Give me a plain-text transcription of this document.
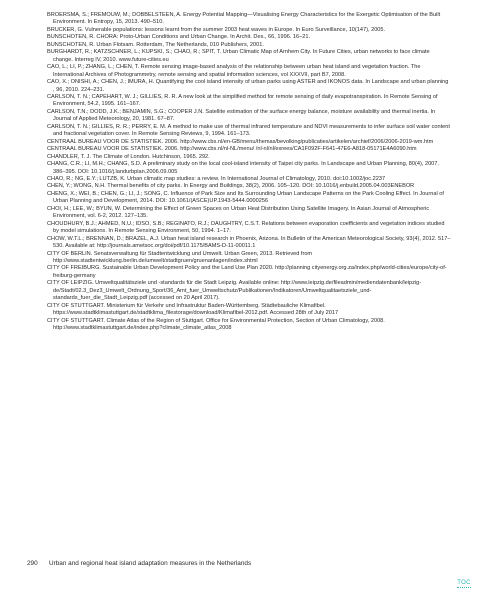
BROERSMA, S.; FREMOUW, M.; DOBBELSTEEN, A. Energy Potential Mapping—Visualising Energy Characteristics for the Exergetic Optimisation of the Built Environment. In Entropy, 15, 2013. 490–510.

BRUCKER, G. Vulnerable populations: lessons learnt from the summer 2003 heat waves in Europe. In Euro Surveillance, 10(147), 2005.

BUNSCHOTEN, R. CHORA: Proto-Urban Conditions and Urban Change. In Archit. Des., 66, 1996. 16–21.

BUNSCHOTEN, R. Urban Flotsam. Rotterdam, The Netherlands, 010 Publishers, 2001.

BURGHARDT, R.; KATZSCHNER, L.; KUPSKI, S.; CHAO, R.; SPIT, T. Urban Climatic Map of Arnhem City. In Future Cities, urban networks to face climate change. Interreg IV, 2010. www.future-cities.eu

CAO, L.; LI, P.; ZHANG, L.; CHEN, T. Remote sensing image-based analysis of the relationship between urban heat island and vegetation fraction. The International Archives of Photogrammetry, remote sensing and spatial information sciences, vol XXXVII, part B7, 2008.

CAO, X.; ONISHI, A.; CHEN, J.; IMURA, H. Quantifying the cool island intensity of urban parks using ASTER and IKONOS data. In Landscape and urban planning , 96, 2010. 224–231.

CARLSON, T. N.; CAPEHART, W. J.; GILLIES, R. R. A new look at the simplified method for remote sensing of daily evapotranspiration. In Remote Sensing of Environment, 54.2, 1995. 161–167.

CARLSON, T.N.; DODD, J.K.; BENJAMIN, S.G.; COOPER J.N. Satellite estimation of the surface energy balance, moisture availability and thermal inertia. In Journal of Applied Meteorology, 20, 1981. 67–87.

CARLSON, T. N.; GILLIES, R. R.; PERRY, E. M. A method to make use of thermal infrared temperature and NDVI measurements to infer surface soil water content and fractional vegetation cover. In Remote Sensing Reviews, 9, 1994. 161–173.

CENTRAAL BUREAU VOOR DE STATISTIEK. 2006. http://www.cbs.nl/en-GB/menu/themas/bevolking/publicaties/artikelen/archief/2006/2006-2019-wm.htm

CENTRAAL BUREAU VOOR DE STATISTIEK. 2006. http://www.cbs.nl/nl-NL/menu/ /nl-nl/nl/exrees/CA1F092F-F641-47E6-A818-05171E4A6090.htm

CHANDLER, T. J. The Climate of London. Hutchinson, 1965. 292.

CHANG, C.R.; LI, M.H.; CHANG, S.D. A preliminary study on the local cool-island intensity of Taipei city parks. In Landscape and Urban Planning, 80(4), 2007. 386–395. DOI: 10.1016/j.landurbplan.2006.09.005

CHAO, R.; NG, E.Y.; LUTZB, K. Urban climatic map studies: a review. In International Journal of Climatology, 2010. doi:10.1002/joc.2237

CHEN, Y.; WONG, N.H. Thermal benefits of city parks. In Energy and Buildings, 38(2), 2006. 105–120. DOI: 10.1016/j.enbuild.2005.04.003ENEBOR

CHENG, X.; WEI, B.; CHEN, G.; LI, J.; SONG, C. Influence of Park Size and Its Surrounding Urban Landscape Patterns on the Park Cooling Effect. In Journal of Urban Planning and Development, 2014. DOI: 10.1061/(ASCE)UP.1943-5444.0000256

CHOI, H.; LEE, W.; BYUN, W. Determining the Effect of Green Spaces on Urban Heat Distribution Using Satellite Imagery. In Asian Journal of Atmospheric Environment, vol. 6-2, 2012. 127–135.

CHOUDHURY, B.J.; AHMED, N.U.; IDSO, S.B.; REGINATO, R.J.; DAUGHTRY, C.S.T. Relations between evaporation coefficients and vegetation indices studied by model simulations. In Remote Sensing Environment, 50, 1994. 1–17.

CHOW, W.T.L.; BRENNAN, D.; BRAZEL, A.J. Urban heat island research in Phoenix, Arizona. In Bulletin of the American Meteorological Society, 93(4), 2012. 517–530. Available at: http://journals.ametsoc.org/doi/pdf/10.1175/BAMS-D-11-00011.1

CITY OF BERLIN. Senatsverwaltung für Stadtentwicklung und Umwelt. Urban Green, 2013. Retrieved from http://www.stadtentwicklung.berlin.de/umwelt/stadtgruen/gruenanlagen/index.shtml

CITY OF FREIBURG. Sustainable Urban Development Policy and the Land Use Plan 2020. http://planning cityenergy.org.za/index.php/world-cities/europe/city-of-freiburg-germany

CITY OF LEIPZIG. Umweltqualitätsziele und -standards für die Stadt Leipzig. Available online: http://www.leipzig.de/fileadmin/mediendatenbank/leipzig-de/Stadt/02.3_Dez3_Umwelt_Ordnung_Sport/36_Amt_fuer_Umweltschutz/Publikationen/Indikatoren/Umweltqualitaetsziele_und-standards_fuer_die_Stadt_Leipzig.pdf (accessed on 20 April 2017).

CITY OF STUTTGART. Ministerium für Verkehr und Infrastruktur Baden-Württemberg. Städtebauliche Klimafibel. https://www.stadtklimastuttgart.de/stadtklima_filestorage/download/Klimafibel-2012.pdf. Accessed 28th of July 2017

CITY OF STUTTGART. Climate Atlas of the Region of Stuttgart. Office for Environmental Protection, Section of Urban Climatology, 2008. http://www.stadtklimastuttgart.de/index.php?climate_climate_atlas_2008

290 Urban and regional heat island adaptation measures in the Netherlands
TOC
